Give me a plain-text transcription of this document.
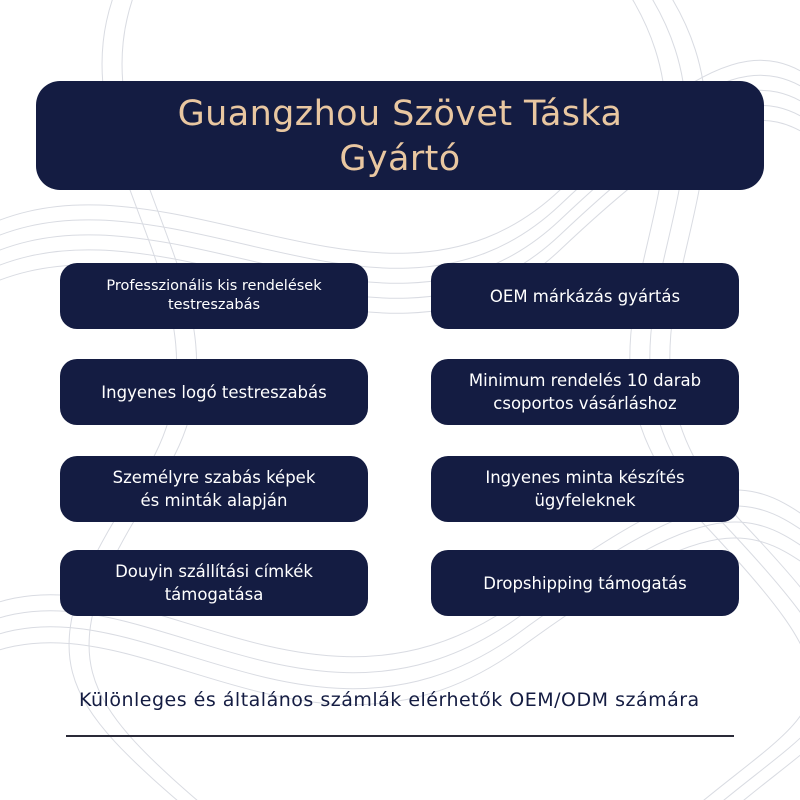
Guangzhou Szövet Táska
Gyártó
Professzionális kis rendelések
testreszabás	OEM márkázás gyártás
Ingyenes logó testreszabás
Minimum rendelés 10 darab
csoportos vásárláshoz
Személyre szabás képek
és minták alapján
Ingyenes minta készítés
ügyfeleknek
Douyin szállítási címkék
támogatása
Dropshipping támogatás
Különleges és általános számlák elérhetők OEM/ODM számára
